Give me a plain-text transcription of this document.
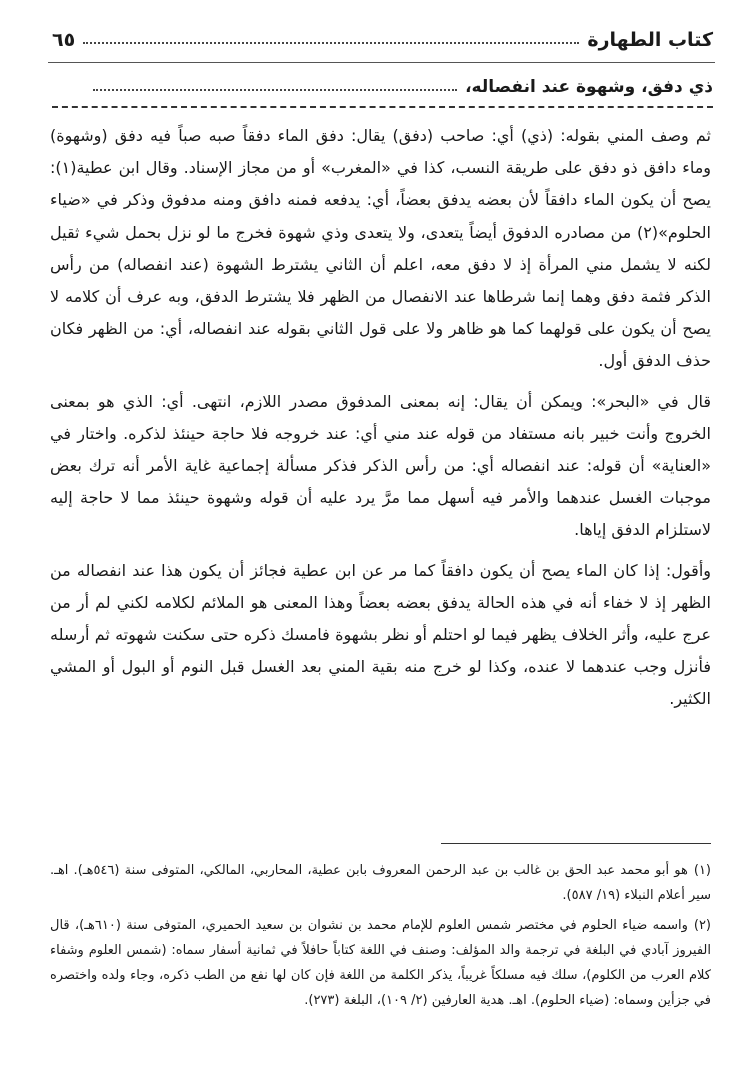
كتاب الطهارة
٦٥
ذي دفق، وشهوة عند انفصاله،

ثم وصف المني بقوله: (ذي) أي: صاحب (دفق) يقال: دفق الماء دفقاً صبه صباً فيه دفق (وشهوة) وماء دافق ذو دفق على طريقة النسب، كذا في «المغرب» أو من مجاز الإسناد. وقال ابن عطية(١): يصح أن يكون الماء دافقاً لأن بعضه يدفق بعضاً، أي: يدفعه فمنه دافق ومنه مدفوق وذكر في «ضياء الحلوم»(٢) من مصادره الدفوق أيضاً يتعدى، ولا يتعدى وذي شهوة فخرج ما لو نزل بحمل شيء ثقيل لكنه لا يشمل مني المرأة إذ لا دفق معه، اعلم أن الثاني يشترط الشهوة (عند انفصاله) من رأس الذكر فثمة دفق وهما إنما شرطاها عند الانفصال من الظهر فلا يشترط الدفق، وبه عرف أن كلامه لا يصح أن يكون على قولهما كما هو ظاهر ولا على قول الثاني بقوله عند انفصاله، أي: من الظهر فكان حذف الدفق أول.

قال في «البحر»: ويمكن أن يقال: إنه بمعنى المدفوق مصدر اللازم، انتهى. أي: الذي هو بمعنى الخروج وأنت خبير بانه مستفاد من قوله عند مني أي: عند خروجه فلا حاجة حينئذ لذكره. واختار في «العناية» أن قوله: عند انفصاله أي: من رأس الذكر فذكر مسألة إجماعية غاية الأمر أنه ترك بعض موجبات الغسل عندهما والأمر فيه أسهل مما مرَّ يرد عليه أن قوله وشهوة حينئذ مما لا حاجة إليه لاستلزام الدفق إياها.

وأقول: إذا كان الماء يصح أن يكون دافقاً كما مر عن ابن عطية فجائز أن يكون هذا عند انفصاله من الظهر إذ لا خفاء أنه في هذه الحالة يدفق بعضه بعضاً وهذا المعنى هو الملائم لكلامه لكني لم أر من عرج عليه، وأثر الخلاف يظهر فيما لو احتلم أو نظر بشهوة فامسك ذكره حتى سكنت شهوته ثم أرسله فأنزل وجب عندهما لا عنده، وكذا لو خرج منه بقية المني بعد الغسل قبل النوم أو البول أو المشي الكثير.

(١)هو أبو محمد عبد الحق بن غالب بن عبد الرحمن المعروف بابن عطية، المحاربي، المالكي، المتوفى سنة (٥٤٦هـ). اهـ. سير أعلام النبلاء (١٩/ ٥٨٧).

(٢)واسمه ضياء الحلوم في مختصر شمس العلوم للإمام محمد بن نشوان بن سعيد الحميري، المتوفى سنة (٦١٠هـ)، قال الفيروز آبادي في البلغة في ترجمة والد المؤلف: وصنف في اللغة كتاباً حافلاً في ثمانية أسفار سماه: (شمس العلوم وشفاء كلام العرب من الكلوم)، سلك فيه مسلكاً غريباً، يذكر الكلمة من اللغة فإن كان لها نفع من الطب ذكره، وجاء ولده واختصره في جزأين وسماه: (ضياء الحلوم). اهـ. هدية العارفين (٢/ ١٠٩)، البلغة (٢٧٣).
